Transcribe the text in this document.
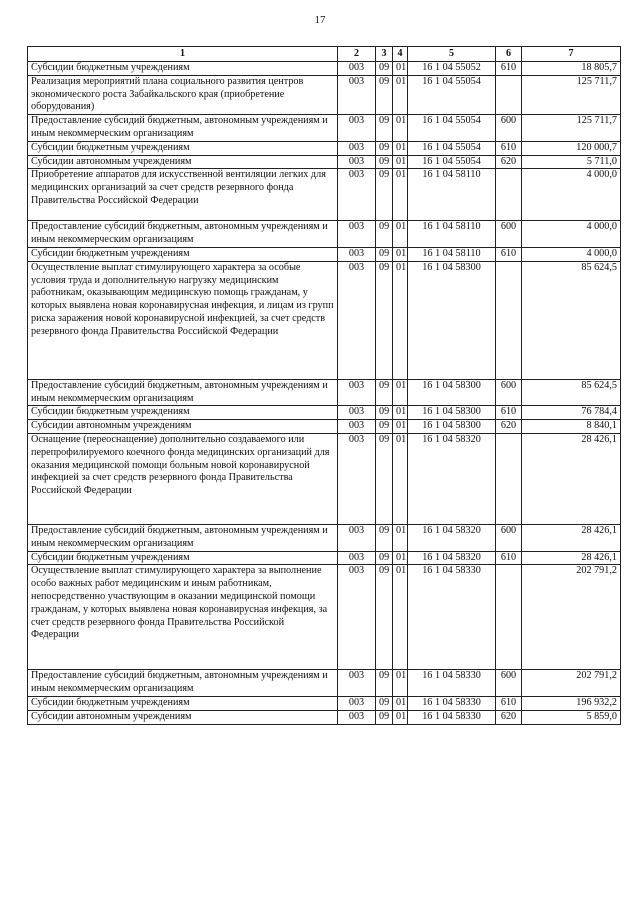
17
1	2	3	4	5	6	7
Субсидии бюджетным учреждениям	003	09	01	16 1 04 55052	610	18 805,7
Реализация мероприятий плана социального развития центров экономического роста Забайкальского края (приобретение оборудования)	003	09	01	16 1 04 55054		125 711,7
Предоставление субсидий бюджетным, автономным учреждениям и иным некоммерческим организациям	003	09	01	16 1 04 55054	600	125 711,7
Субсидии бюджетным учреждениям	003	09	01	16 1 04 55054	610	120 000,7
Субсидии автономным учреждениям	003	09	01	16 1 04 55054	620	5 711,0
Приобретение аппаратов для искусственной вентиляции легких для медицинских организаций за счет средств резервного фонда Правительства Российской Федерации	003	09	01	16 1 04 58110		4 000,0
Предоставление субсидий бюджетным, автономным учреждениям и иным некоммерческим организациям	003	09	01	16 1 04 58110	600	4 000,0
Субсидии бюджетным учреждениям	003	09	01	16 1 04 58110	610	4 000,0
Осуществление выплат стимулирующего характера за особые условия труда и дополнительную нагрузку медицинским работникам, оказывающим медицинскую помощь гражданам, у которых выявлена новая коронавирусная инфекция, и лицам из групп риска заражения новой коронавирусной инфекцией, за счет средств резервного фонда Правительства Российской Федерации	003	09	01	16 1 04 58300		85 624,5
Предоставление субсидий бюджетным, автономным учреждениям и иным некоммерческим организациям	003	09	01	16 1 04 58300	600	85 624,5
Субсидии бюджетным учреждениям	003	09	01	16 1 04 58300	610	76 784,4
Субсидии автономным учреждениям	003	09	01	16 1 04 58300	620	8 840,1
Оснащение (переоснащение) дополнительно создаваемого или перепрофилируемого коечного фонда медицинских организаций для оказания медицинской помощи больным новой коронавирусной инфекцией за счет средств резервного фонда Правительства Российской Федерации	003	09	01	16 1 04 58320		28 426,1
Предоставление субсидий бюджетным, автономным учреждениям и иным некоммерческим организациям	003	09	01	16 1 04 58320	600	28 426,1
Субсидии бюджетным учреждениям	003	09	01	16 1 04 58320	610	28 426,1
Осуществление выплат стимулирующего характера за выполнение особо важных работ медицинским и иным работникам, непосредственно участвующим в оказании медицинской помощи гражданам, у которых выявлена новая коронавирусная инфекция, за счет средств резервного фонда Правительства Российской Федерации	003	09	01	16 1 04 58330		202 791,2
Предоставление субсидий бюджетным, автономным учреждениям и иным некоммерческим организациям	003	09	01	16 1 04 58330	600	202 791,2
Субсидии бюджетным учреждениям	003	09	01	16 1 04 58330	610	196 932,2
Субсидии автономным учреждениям	003	09	01	16 1 04 58330	620	5 859,0
